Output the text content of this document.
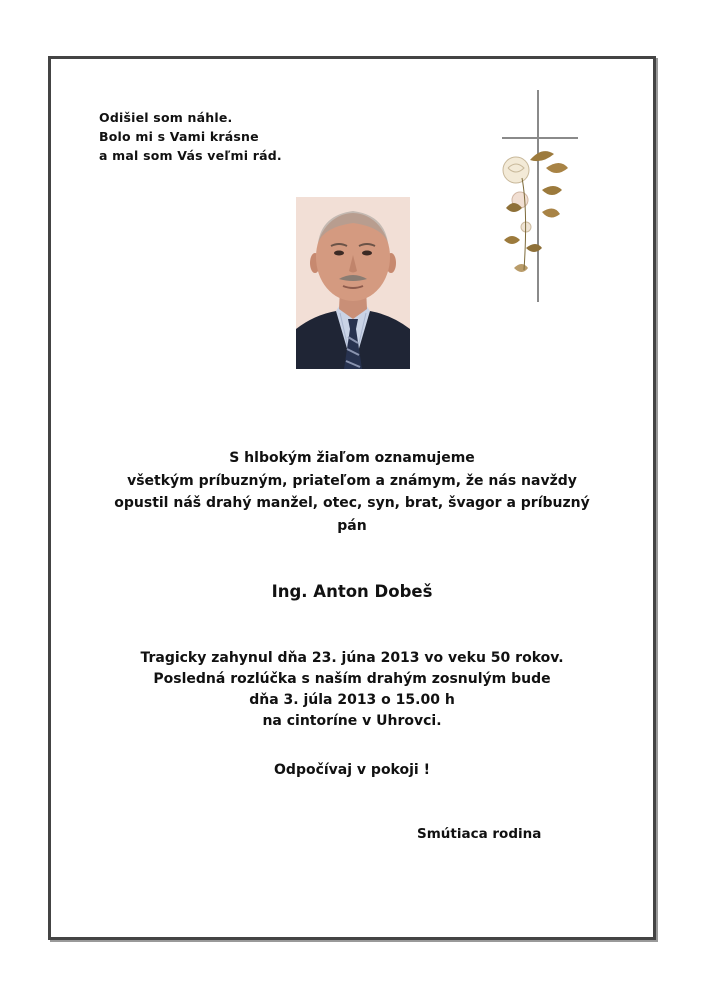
Odišiel som náhle.
Bolo mi s Vami krásne
a mal som Vás veľmi rád.
S hlbokým žiaľom oznamujeme
všetkým príbuzným, priateľom a známym, že nás navždy
opustil náš drahý manžel, otec, syn, brat, švagor a príbuzný
pán
Ing. Anton Dobeš
Tragicky zahynul dňa 23. júna 2013 vo veku 50 rokov.
Posledná rozlúčka s naším drahým zosnulým bude
dňa 3. júla 2013 o 15.00 h
na cintoríne v Uhrovci.
Odpočívaj v pokoji !
Smútiaca rodina
